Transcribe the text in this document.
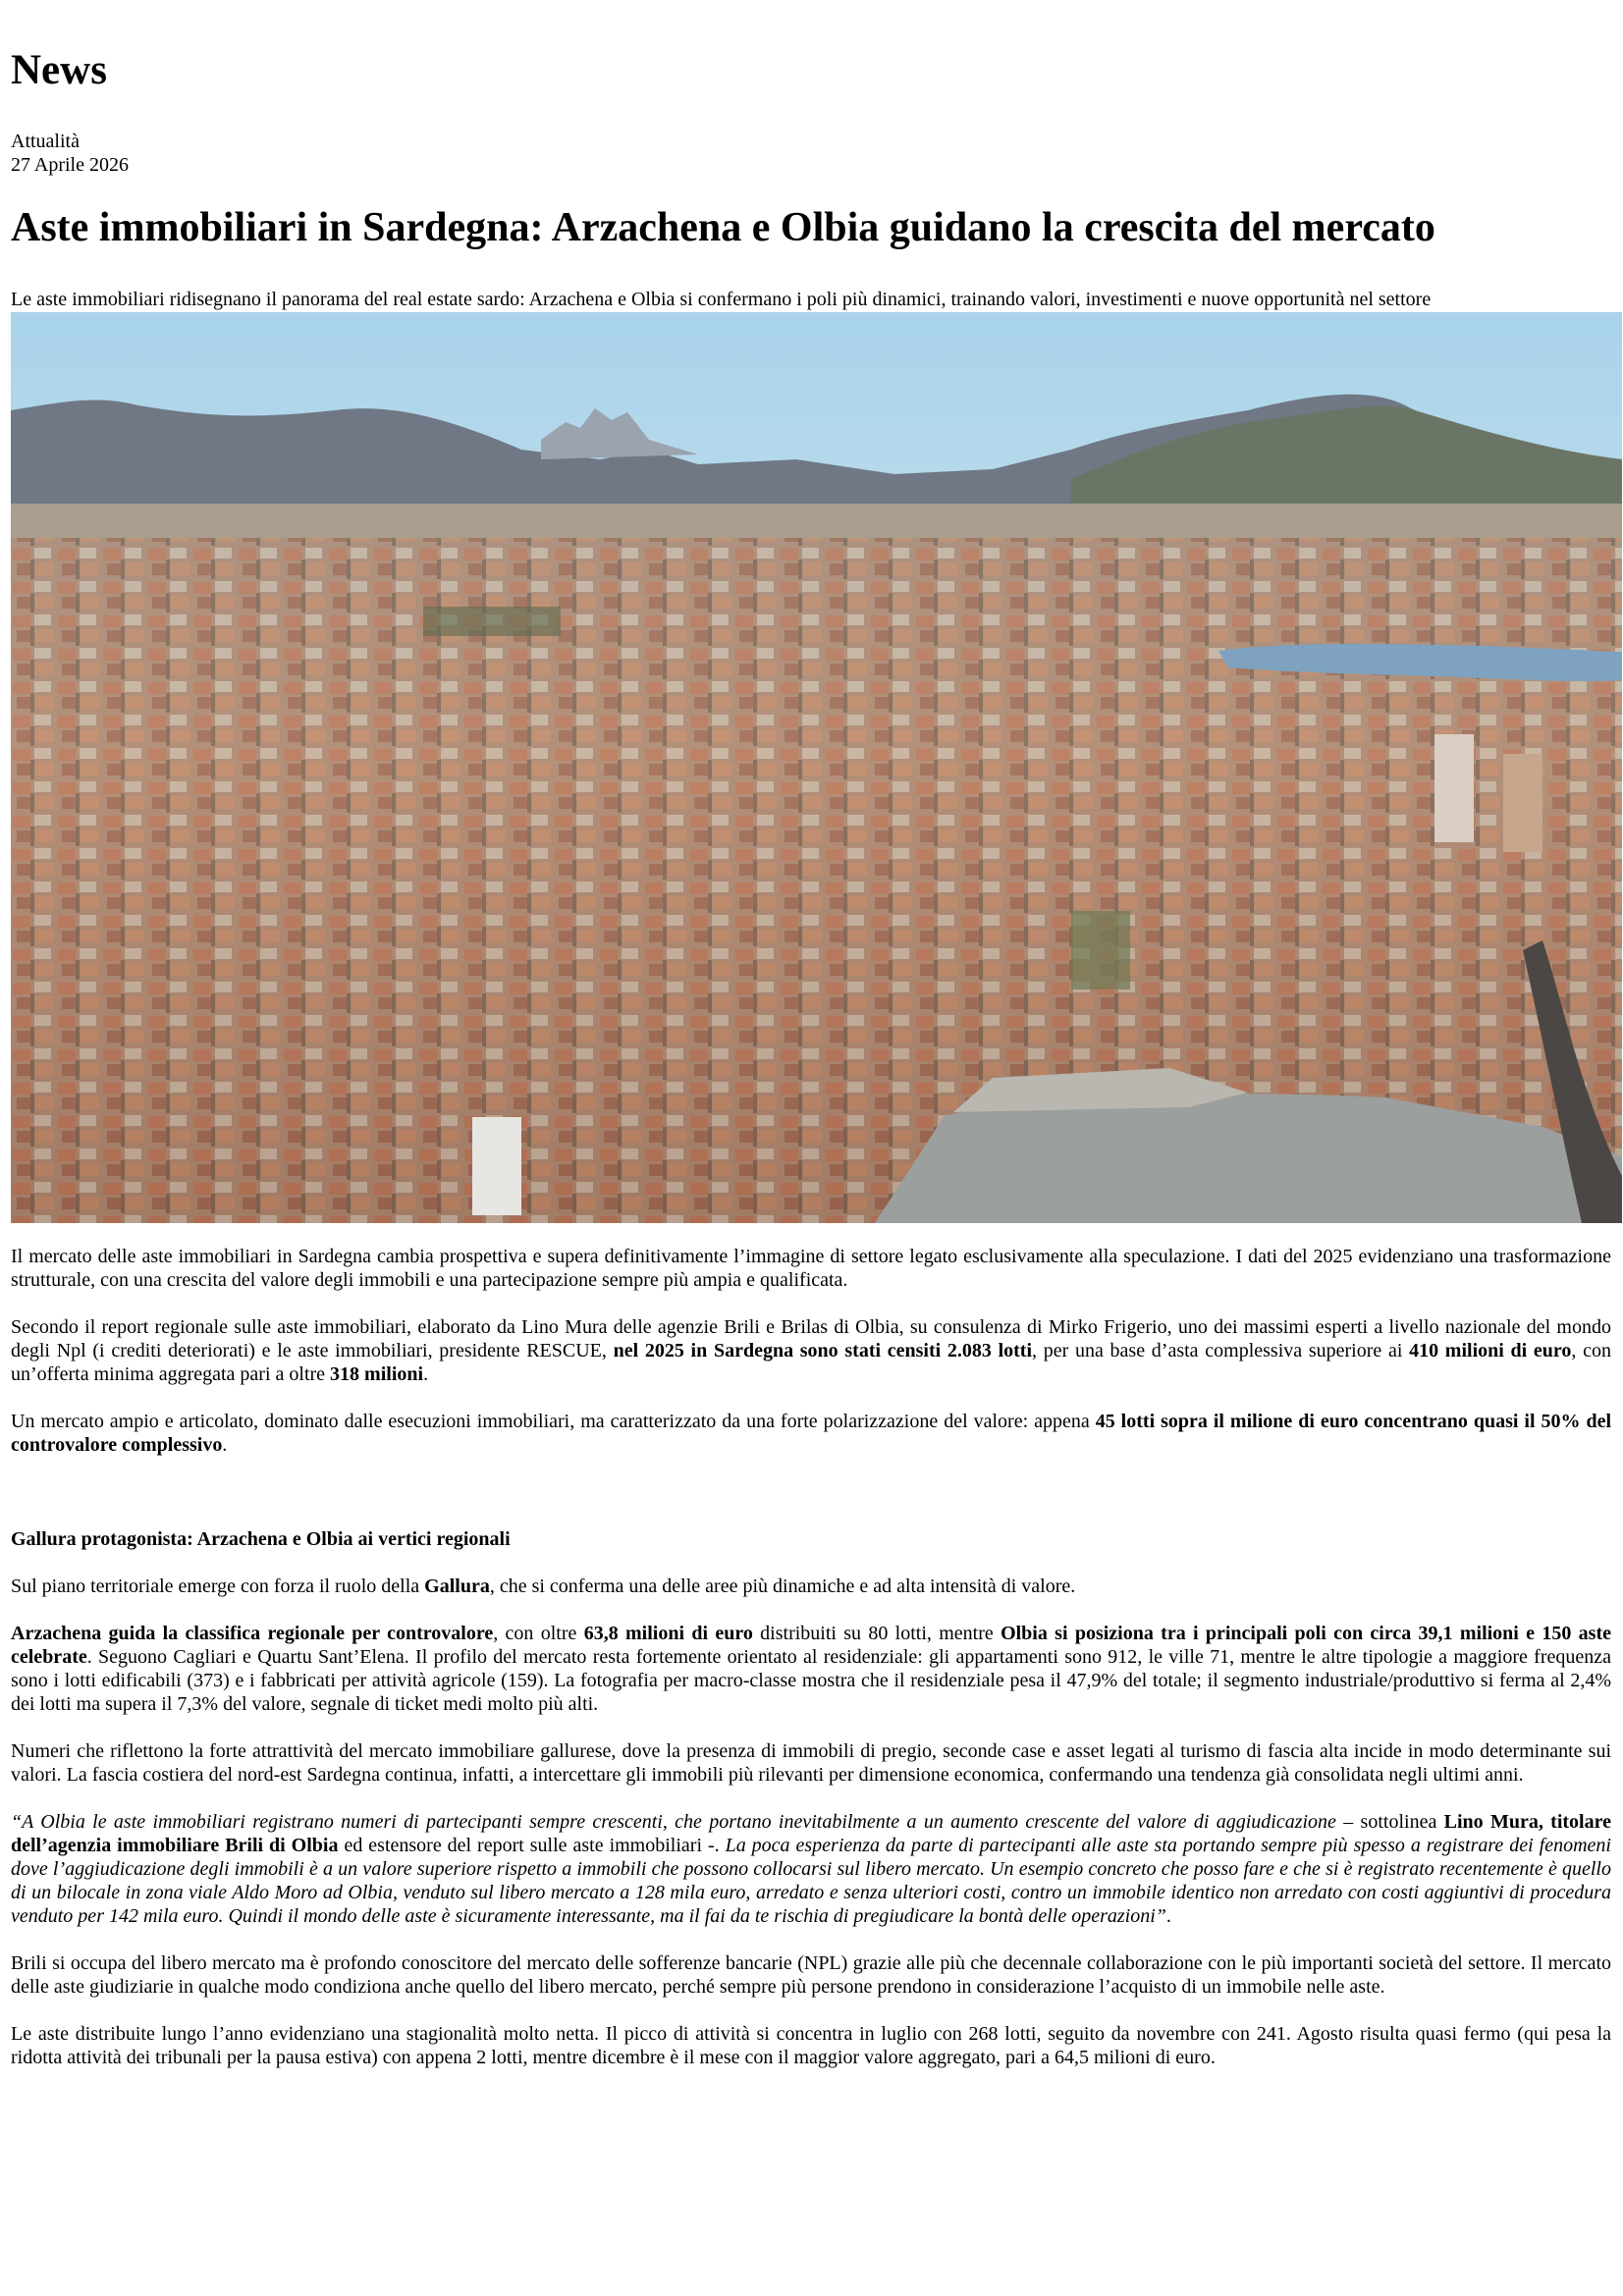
News
Attualità
27 Aprile 2026
Aste immobiliari in Sardegna: Arzachena e Olbia guidano la crescita del mercato

Le aste immobiliari ridisegnano il panorama del real estate sardo: Arzachena e Olbia si confermano i poli più dinamici, trainando valori, investimenti e nuove opportunità nel settore

Il mercato delle aste immobiliari in Sardegna cambia prospettiva e supera definitivamente l’immagine di settore legato esclusivamente alla speculazione. I dati del 2025 evidenziano una trasformazione strutturale, con una crescita del valore degli immobili e una partecipazione sempre più ampia e qualificata.

Secondo il report regionale sulle aste immobiliari, elaborato da Lino Mura delle agenzie Brili e Brilas di Olbia, su consulenza di Mirko Frigerio, uno dei massimi esperti a livello nazionale del mondo degli Npl (i crediti deteriorati) e le aste immobiliari, presidente RESCUE, nel 2025 in Sardegna sono stati censiti 2.083 lotti, per una base d’asta complessiva superiore ai 410 milioni di euro, con un’offerta minima aggregata pari a oltre 318 milioni.

Un mercato ampio e articolato, dominato dalle esecuzioni immobiliari, ma caratterizzato da una forte polarizzazione del valore: appena 45 lotti sopra il milione di euro concentrano quasi il 50% del controvalore complessivo.

Gallura protagonista: Arzachena e Olbia ai vertici regionali

Sul piano territoriale emerge con forza il ruolo della Gallura, che si conferma una delle aree più dinamiche e ad alta intensità di valore.

Arzachena guida la classifica regionale per controvalore, con oltre 63,8 milioni di euro distribuiti su 80 lotti, mentre Olbia si posiziona tra i principali poli con circa 39,1 milioni e 150 aste celebrate. Seguono Cagliari e Quartu Sant’Elena. Il profilo del mercato resta fortemente orientato al residenziale: gli appartamenti sono 912, le ville 71, mentre le altre tipologie a maggiore frequenza sono i lotti edificabili (373) e i fabbricati per attività agricole (159). La fotografia per macro-classe mostra che il residenziale pesa il 47,9% del totale; il segmento industriale/produttivo si ferma al 2,4% dei lotti ma supera il 7,3% del valore, segnale di ticket medi molto più alti.

Numeri che riflettono la forte attrattività del mercato immobiliare gallurese, dove la presenza di immobili di pregio, seconde case e asset legati al turismo di fascia alta incide in modo determinante sui valori. La fascia costiera del nord-est Sardegna continua, infatti, a intercettare gli immobili più rilevanti per dimensione economica, confermando una tendenza già consolidata negli ultimi anni.

“A Olbia le aste immobiliari registrano numeri di partecipanti sempre crescenti, che portano inevitabilmente a un aumento crescente del valore di aggiudicazione – sottolinea Lino Mura, titolare dell’agenzia immobiliare Brili di Olbia ed estensore del report sulle aste immobiliari -. La poca esperienza da parte di partecipanti alle aste sta portando sempre più spesso a registrare dei fenomeni dove l’aggiudicazione degli immobili è a un valore superiore rispetto a immobili che possono collocarsi sul libero mercato. Un esempio concreto che posso fare e che si è registrato recentemente è quello di un bilocale in zona viale Aldo Moro ad Olbia, venduto sul libero mercato a 128 mila euro, arredato e senza ulteriori costi, contro un immobile identico non arredato con costi aggiuntivi di procedura venduto per 142 mila euro. Quindi il mondo delle aste è sicuramente interessante, ma il fai da te rischia di pregiudicare la bontà delle operazioni”.

Brili si occupa del libero mercato ma è profondo conoscitore del mercato delle sofferenze bancarie (NPL) grazie alle più che decennale collaborazione con le più importanti società del settore. Il mercato delle aste giudiziarie in qualche modo condiziona anche quello del libero mercato, perché sempre più persone prendono in considerazione l’acquisto di un immobile nelle aste.

Le aste distribuite lungo l’anno evidenziano una stagionalità molto netta. Il picco di attività si concentra in luglio con 268 lotti, seguito da novembre con 241. Agosto risulta quasi fermo (qui pesa la ridotta attività dei tribunali per la pausa estiva) con appena 2 lotti, mentre dicembre è il mese con il maggior valore aggregato, pari a 64,5 milioni di euro.
